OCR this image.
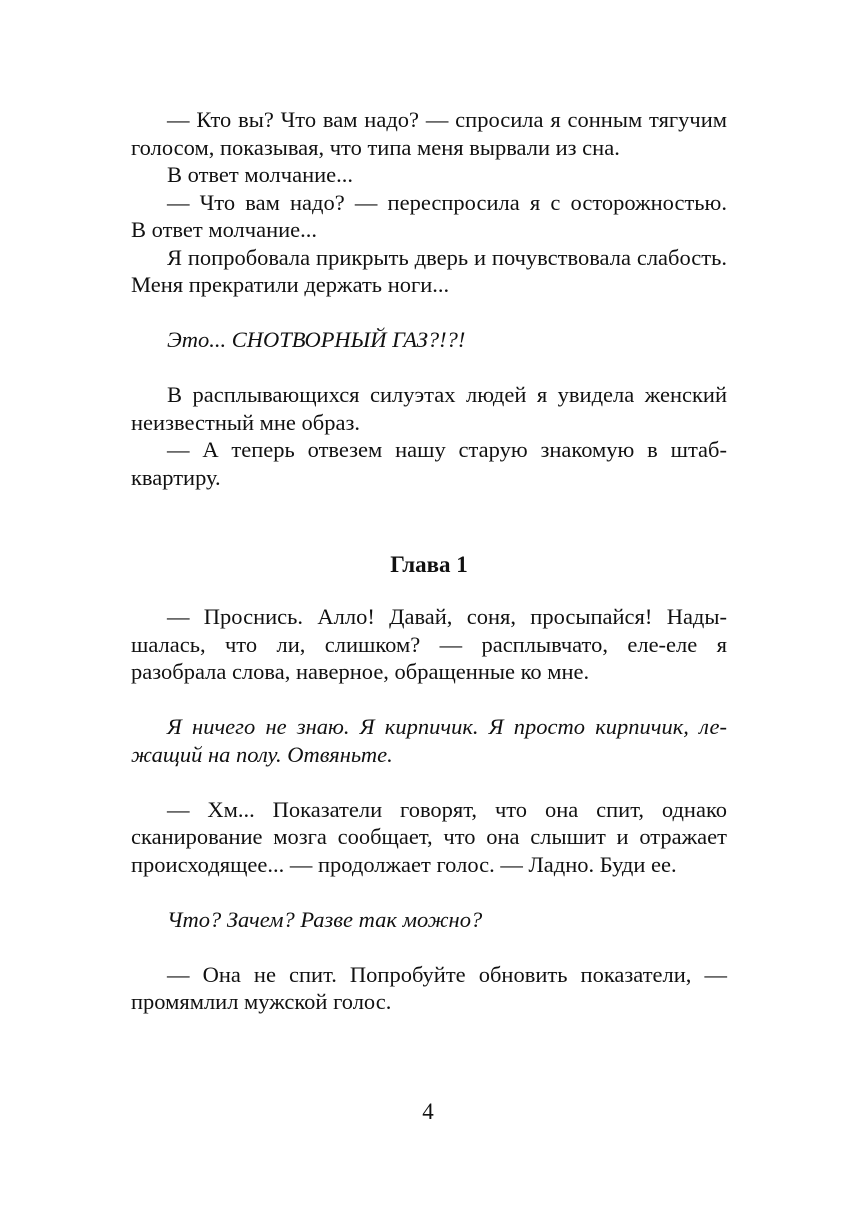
— Кто вы? Что вам надо? — спросила я сонным тягучим голосом, показывая, что типа меня вырвали из сна.

В ответ молчание...

— Что вам надо? — переспросила я с осторожностью.

В ответ молчание...

Я попробовала прикрыть дверь и почувствовала слабость. Меня прекратили держать ноги...

Это... СНОТВОРНЫЙ ГАЗ?!?!

В расплывающихся силуэтах людей я увидела женский неизвестный мне образ.

— А теперь отвезем нашу старую знакомую в штабквартиру.

Глава 1

— Проснись. Алло! Давай, соня, просыпайся! Надышалась, что ли, слишком? — расплывчато, еле-еле я разобрала слова, наверное, обращенные ко мне.

Я ничего не знаю. Я кирпичик. Я просто кирпичик, лежащий на полу. Отвяньте.

— Хм... Показатели говорят, что она спит, однако сканирование мозга сообщает, что она слышит и отражает происходящее... — продолжает голос. — Ладно. Буди ее.

Что? Зачем? Разве так можно?

— Она не спит. Попробуйте обновить показатели, — промямлил мужской голос.

4
